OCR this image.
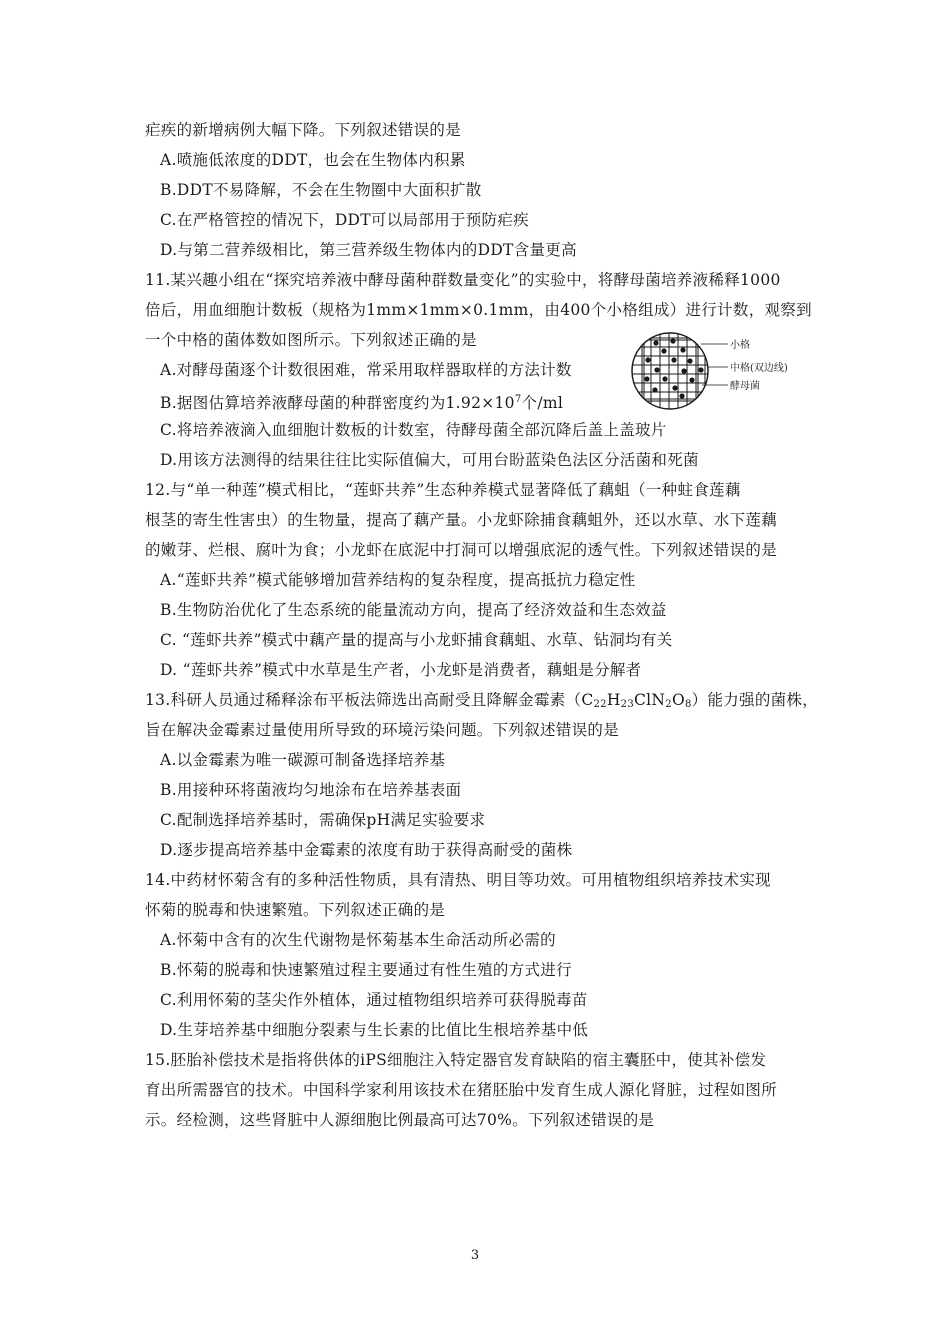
疟疾的新增病例大幅下降。下列叙述错误的是
A.喷施低浓度的DDT，也会在生物体内积累
B.DDT不易降解，不会在生物圈中大面积扩散
C.在严格管控的情况下，DDT可以局部用于预防疟疾
D.与第二营养级相比，第三营养级生物体内的DDT含量更高
11.某兴趣小组在“探究培养液中酵母菌种群数量变化”的实验中，将酵母菌培养液稀释1000
倍后，用血细胞计数板（规格为1mm×1mm×0.1mm，由400个小格组成）进行计数，观察到
一个中格的菌体数如图所示。下列叙述正确的是
A.对酵母菌逐个计数很困难，常采用取样器取样的方法计数
B.据图估算培养液酵母菌的种群密度约为$1.92\times 10^7$个/ml
C.将培养液滴入血细胞计数板的计数室，待酵母菌全部沉降后盖上盖玻片
D.用该方法测得的结果往往比实际值偏大，可用台盼蓝染色法区分活菌和死菌
小格
中格(双边线)
酵母菌
12.与“单一种莲”模式相比，“莲虾共养”生态种养模式显著降低了藕蛆（一种蛀食莲藕
根茎的寄生性害虫）的生物量，提高了藕产量。小龙虾除捕食藕蛆外，还以水草、水下莲藕
的嫩芽、烂根、腐叶为食；小龙虾在底泥中打洞可以增强底泥的透气性。下列叙述错误的是
A.“莲虾共养”模式能够增加营养结构的复杂程度，提高抵抗力稳定性
B.生物防治优化了生态系统的能量流动方向，提高了经济效益和生态效益
C. “莲虾共养”模式中藕产量的提高与小龙虾捕食藕蛆、水草、钻洞均有关
D. “莲虾共养”模式中水草是生产者，小龙虾是消费者，藕蛆是分解者
13.科研人员通过稀释涂布平板法筛选出高耐受且降解金霉素$(C_{22}H_{23}ClN_2O_8)$能力强的菌株，
旨在解决金霉素过量使用所导致的环境污染问题。下列叙述错误的是
A.以金霉素为唯一碳源可制备选择培养基
B.用接种环将菌液均匀地涂布在培养基表面
C.配制选择培养基时，需确保pH满足实验要求
D.逐步提高培养基中金霉素的浓度有助于获得高耐受的菌株
14.中药材怀菊含有的多种活性物质，具有清热、明目等功效。可用植物组织培养技术实现
怀菊的脱毒和快速繁殖。下列叙述正确的是
A.怀菊中含有的次生代谢物是怀菊基本生命活动所必需的
B.怀菊的脱毒和快速繁殖过程主要通过有性生殖的方式进行
C.利用怀菊的茎尖作外植体，通过植物组织培养可获得脱毒苗
D.生芽培养基中细胞分裂素与生长素的比值比生根培养基中低
15.胚胎补偿技术是指将供体的iPS细胞注入特定器官发育缺陷的宿主囊胚中，使其补偿发
育出所需器官的技术。中国科学家利用该技术在猪胚胎中发育生成人源化肾脏，过程如图所
示。经检测，这些肾脏中人源细胞比例最高可达70%。下列叙述错误的是
3
